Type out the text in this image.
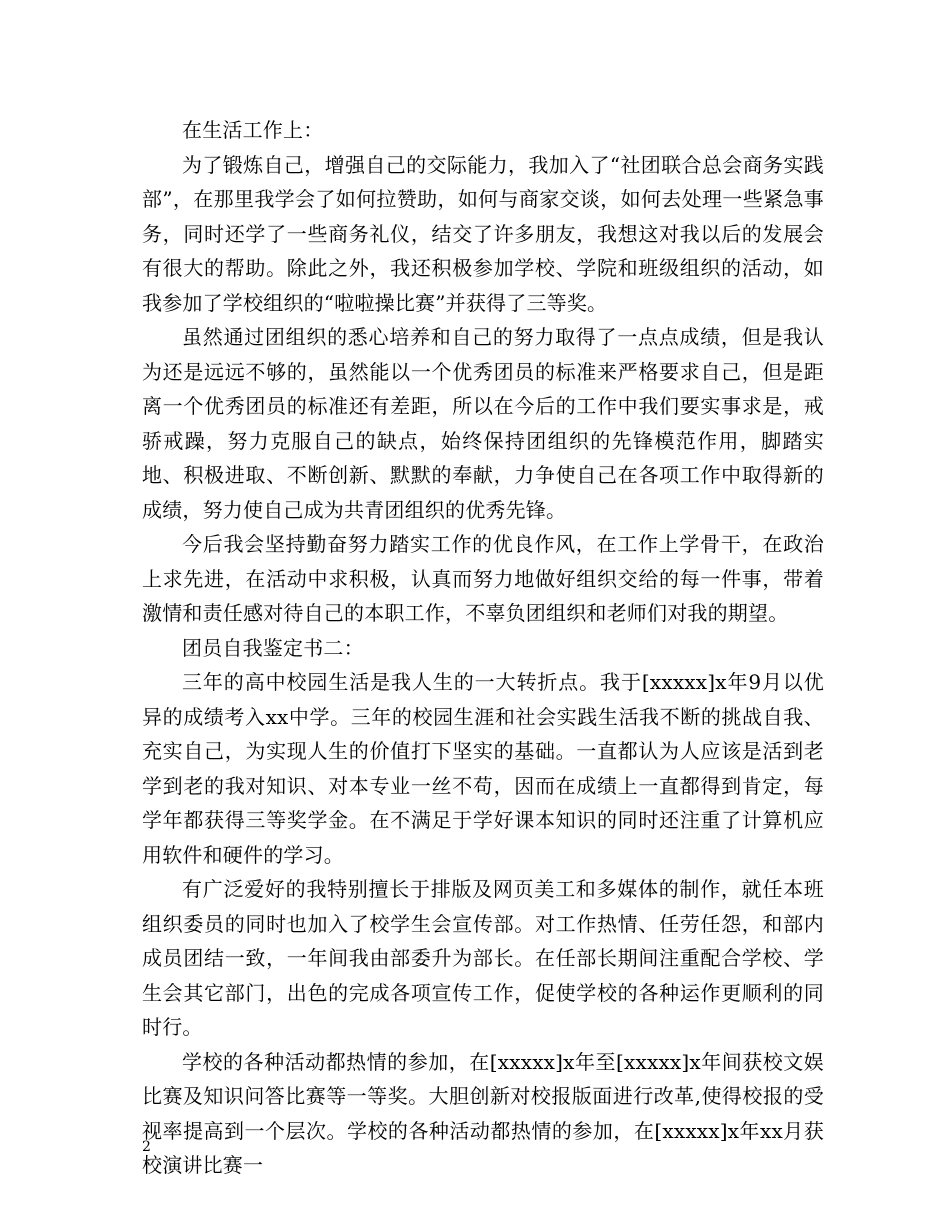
在生活工作上：

为了锻炼自己，增强自己的交际能力，我加入了“社团联合总会商务实践部”，在那里我学会了如何拉赞助，如何与商家交谈，如何去处理一些紧急事务，同时还学了一些商务礼仪，结交了许多朋友，我想这对我以后的发展会有很大的帮助。除此之外，我还积极参加学校、学院和班级组织的活动，如我参加了学校组织的“啦啦操比赛”并获得了三等奖。

虽然通过团组织的悉心培养和自己的努力取得了一点点成绩，但是我认为还是远远不够的，虽然能以一个优秀团员的标准来严格要求自己，但是距离一个优秀团员的标准还有差距，所以在今后的工作中我们要实事求是，戒骄戒躁，努力克服自己的缺点，始终保持团组织的先锋模范作用，脚踏实地、积极进取、不断创新、默默的奉献，力争使自己在各项工作中取得新的成绩，努力使自己成为共青团组织的优秀先锋。

今后我会坚持勤奋努力踏实工作的优良作风，在工作上学骨干，在政治上求先进，在活动中求积极，认真而努力地做好组织交给的每一件事，带着激情和责任感对待自己的本职工作，不辜负团组织和老师们对我的期望。

团员自我鉴定书二：

三年的高中校园生活是我人生的一大转折点。我于[xxxxx]x年9月以优异的成绩考入xx中学。三年的校园生涯和社会实践生活我不断的挑战自我、充实自己，为实现人生的价值打下坚实的基础。一直都认为人应该是活到老学到老的我对知识、对本专业一丝不苟，因而在成绩上一直都得到肯定，每学年都获得三等奖学金。在不满足于学好课本知识的同时还注重了计算机应用软件和硬件的学习。

有广泛爱好的我特别擅长于排版及网页美工和多媒体的制作，就任本班组织委员的同时也加入了校学生会宣传部。对工作热情、任劳任怨，和部内成员团结一致，一年间我由部委升为部长。在任部长期间注重配合学校、学生会其它部门，出色的完成各项宣传工作，促使学校的各种运作更顺利的同时行。

学校的各种活动都热情的参加，在[xxxxx]x年至[xxxxx]x年间获校文娱比赛及知识问答比赛等一等奖。大胆创新对校报版面进行改革,使得校报的受视率提高到一个层次。学校的各种活动都热情的参加，在[xxxxx]x年xx月获校演讲比赛一

2
